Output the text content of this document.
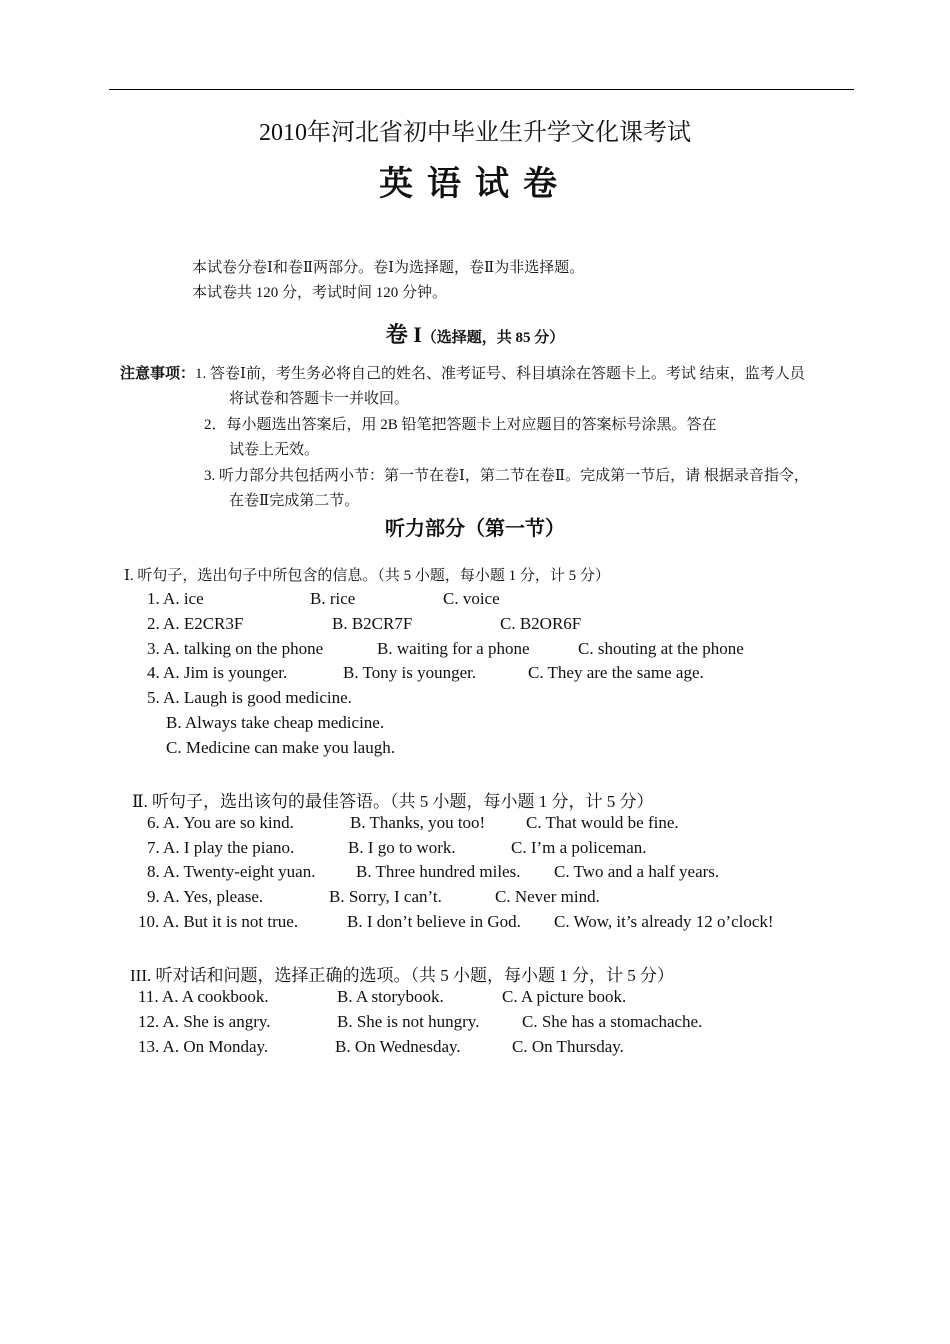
2010年河北省初中毕业生升学文化课考试
英语试卷
本试卷分卷Ⅰ和卷Ⅱ两部分。卷Ⅰ为选择题，卷Ⅱ为非选择题。
本试卷共 120 分，考试时间 120 分钟。
卷 I（选择题，共 85 分）
注意事项：1. 答卷Ⅰ前，考生务必将自己的姓名、准考证号、科目填涂在答题卡上。考试 结束，监考人员
将试卷和答题卡一并收回。
2．每小题选出答案后，用 2B 铅笔把答题卡上对应题目的答案标号涂黑。答在
试卷上无效。
3. 听力部分共包括两小节：第一节在卷Ⅰ，第二节在卷Ⅱ。完成第一节后，请 根据录音指令，
在卷Ⅱ完成第二节。
听力部分（第一节）
Ⅰ. 听句子，选出句子中所包含的信息。（共 5 小题，每小题 1 分，计 5 分）
1. A. ice	B. rice	C. voice
2. A. E2CR3F	B. B2CR7F	C. B2OR6F
3. A. talking on the phone	B. waiting for a phone	C. shouting at the phone
4. A. Jim is younger.	B. Tony is younger.	C. They are the same age.
5. A. Laugh is good medicine.
B. Always take cheap medicine.
C. Medicine can make you laugh.
Ⅱ. 听句子，选出该句的最佳答语。（共 5 小题，每小题 1 分，计 5 分）
6. A. You are so kind.	B. Thanks, you too! C. That would be fine.
7. A. I play the piano.	B. I go to work.	C. I’m a policeman.
8. A. Twenty-eight yuan. B. Three hundred miles. C. Two and a half years.
9. A. Yes, please.	B. Sorry, I can’t.	C. Never mind.
10. A. But it is not true.	B. I don’t believe in God. C. Wow, it’s already 12 o’clock!
III. 听对话和问题，选择正确的选项。（共 5 小题，每小题 1 分，计 5 分）
11. A. A cookbook.	B. A storybook.	C. A picture book.
12. A. She is angry.	B. She is not hungry.	C. She has a stomachache.
13. A. On Monday.	B. On Wednesday.	C. On Thursday.
